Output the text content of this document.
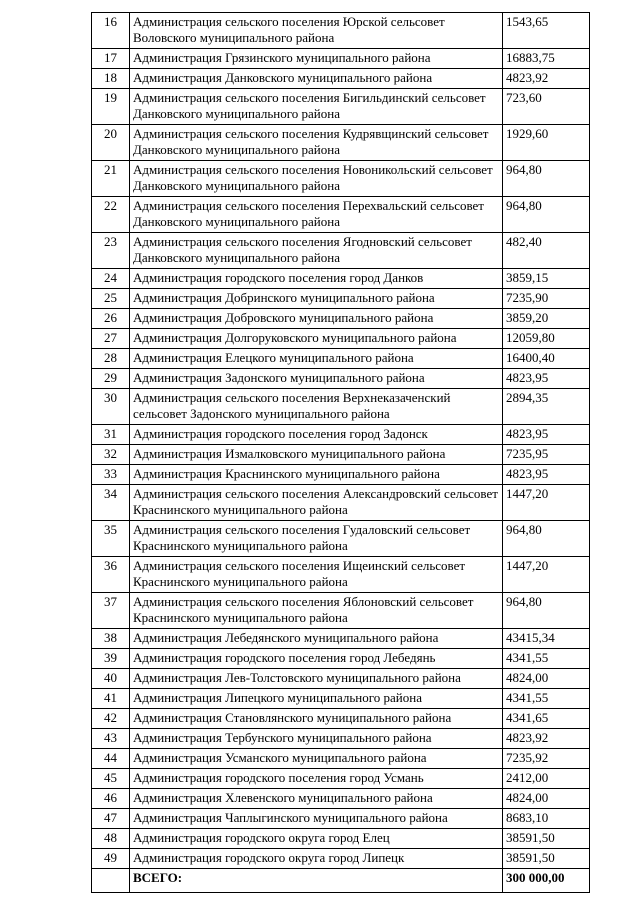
16	Администрация сельского поселения Юрской сельсовет Воловского муниципального района	1543,65
17	Администрация Грязинского муниципального района	16883,75
18	Администрация Данковского муниципального района	4823,92
19	Администрация сельского поселения Бигильдинский сельсовет Данковского муниципального района	723,60
20	Администрация сельского поселения Кудрявщинский сельсовет Данковского муниципального района	1929,60
21	Администрация сельского поселения Новоникольский сельсовет Данковского муниципального района	964,80
22	Администрация сельского поселения Перехвальский сельсовет Данковского муниципального района	964,80
23	Администрация сельского поселения Ягодновский сельсовет Данковского муниципального района	482,40
24	Администрация городского поселения город Данков	3859,15
25	Администрация Добринского муниципального района	7235,90
26	Администрация Добровского муниципального района	3859,20
27	Администрация Долгоруковского муниципального района	12059,80
28	Администрация Елецкого муниципального района	16400,40
29	Администрация Задонского муниципального района	4823,95
30	Администрация сельского поселения Верхнеказаченский сельсовет Задонского муниципального района	2894,35
31	Администрация городского поселения город Задонск	4823,95
32	Администрация Измалковского муниципального района	7235,95
33	Администрация Краснинского муниципального района	4823,95
34	Администрация сельского поселения Александровский сельсовет Краснинского муниципального района	1447,20
35	Администрация сельского поселения Гудаловский сельсовет Краснинского муниципального района	964,80
36	Администрация сельского поселения Ищеинский сельсовет Краснинского муниципального района	1447,20
37	Администрация сельского поселения Яблоновский сельсовет Краснинского муниципального района	964,80
38	Администрация Лебедянского муниципального района	43415,34
39	Администрация городского поселения город Лебедянь	4341,55
40	Администрация Лев-Толстовского муниципального района	4824,00
41	Администрация Липецкого муниципального района	4341,55
42	Администрация Становлянского муниципального района	4341,65
43	Администрация Тербунского муниципального района	4823,92
44	Администрация Усманского муниципального района	7235,92
45	Администрация городского поселения город Усмань	2412,00
46	Администрация Хлевенского муниципального района	4824,00
47	Администрация Чаплыгинского муниципального района	8683,10
48	Администрация городского округа город Елец	38591,50
49	Администрация городского округа город Липецк	38591,50
	ВСЕГО:	300 000,00
